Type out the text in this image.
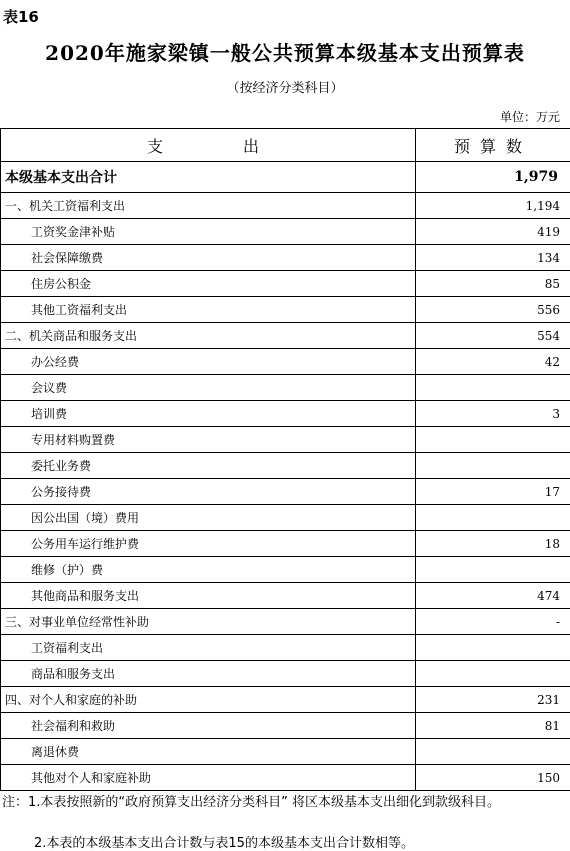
表16
2020年施家梁镇一般公共预算本级基本支出预算表
（按经济分类科目）
单位：万元
支 出	预算数
本级基本支出合计	1,979
一、机关工资福利支出	1,194
工资奖金津补贴	419
社会保障缴费	134
住房公积金	85
其他工资福利支出	556
二、机关商品和服务支出	554
办公经费	42
会议费	
培训费	3
专用材料购置费	
委托业务费	
公务接待费	17
因公出国（境）费用	
公务用车运行维护费	18
维修（护）费	
其他商品和服务支出	474
三、对事业单位经常性补助	-
工资福利支出	
商品和服务支出	
四、对个人和家庭的补助	231
社会福利和救助	81
离退休费	
其他对个人和家庭补助	150
注：1.本表按照新的“政府预算支出经济分类科目” 将区本级基本支出细化到款级科目。
2.本表的本级基本支出合计数与表15的本级基本支出合计数相等。
